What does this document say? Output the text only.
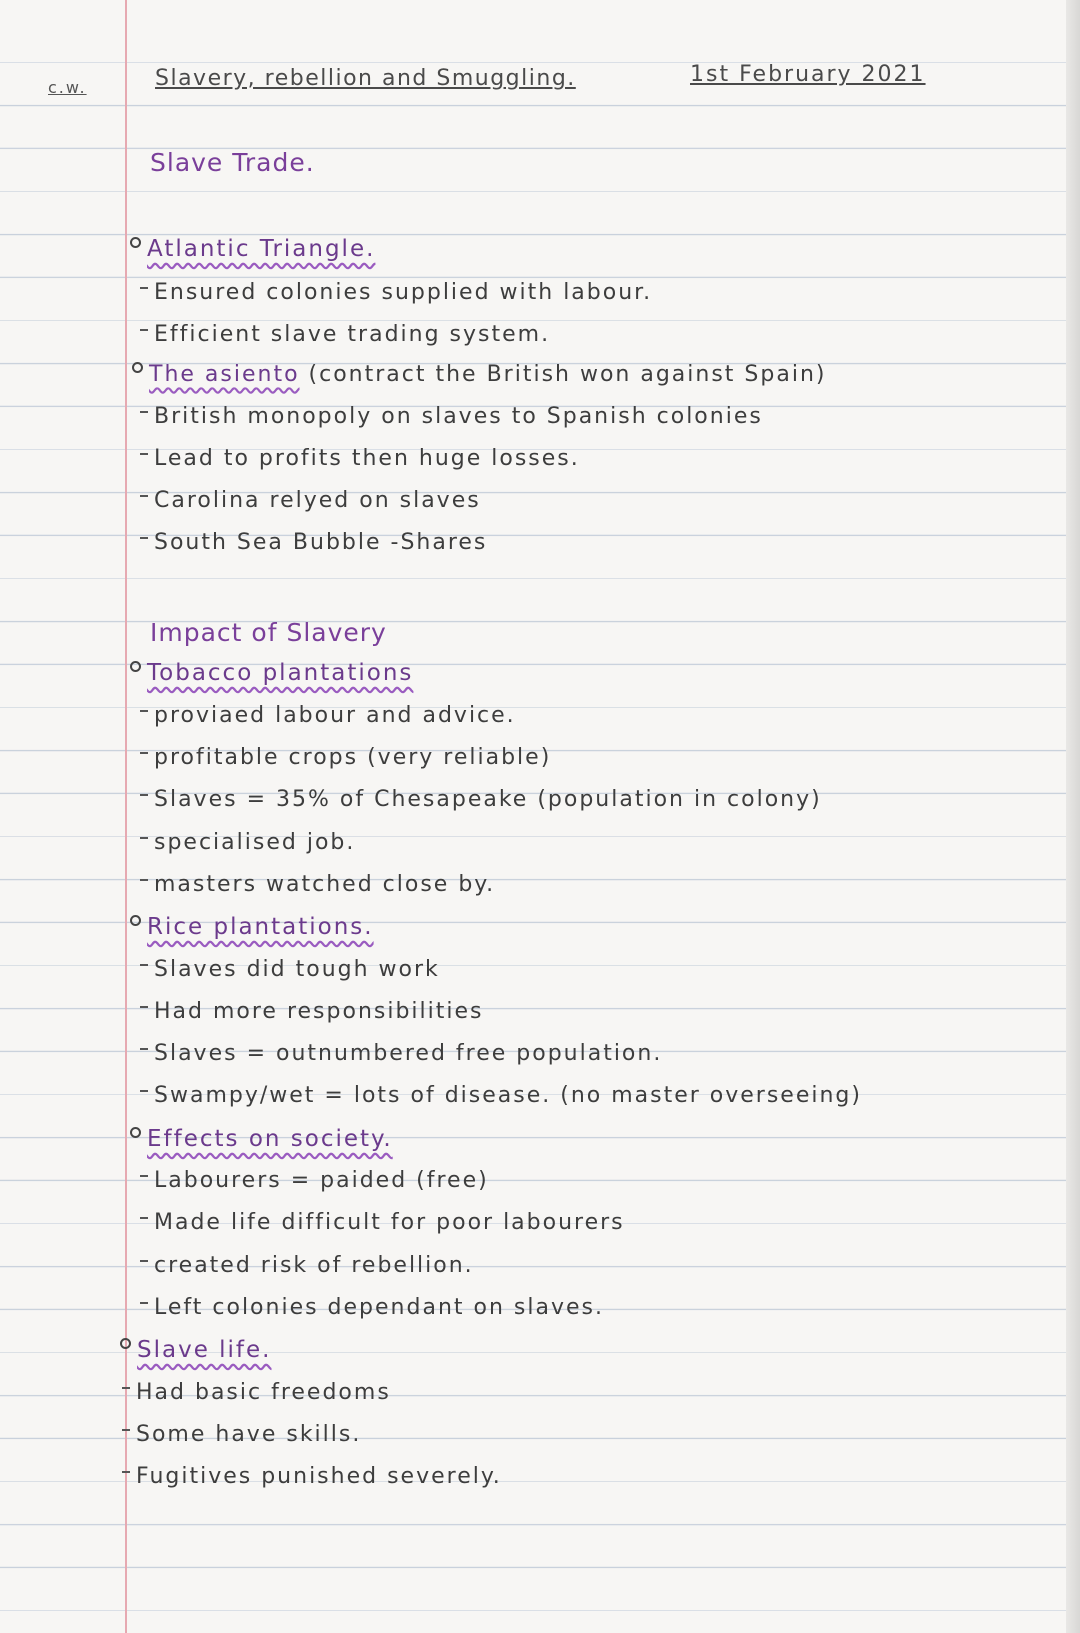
c.w.	Slavery, rebellion and Smuggling.	1st February 2021
Slave Trade.
Atlantic Triangle.
Ensured colonies supplied with labour.
Efficient slave trading system.
The asiento (contract the British won against Spain)
British monopoly on slaves to Spanish colonies
Lead to profits then huge losses.
Carolina relyed on slaves
South Sea Bubble -Shares
Impact of Slavery
Tobacco plantations
proviaed labour and advice.
profitable crops (very reliable)
Slaves = 35% of Chesapeake (population in colony)
specialised job.
masters watched close by.
Rice plantations.
Slaves did tough work
Had more responsibilities
Slaves = outnumbered free population.
Swampy/wet = lots of disease. (no master overseeing)
Effects on society.
Labourers = paided (free)
Made life difficult for poor labourers
created risk of rebellion.
Left colonies dependant on slaves.
Slave life.
Had basic freedoms
Some have skills.
Fugitives punished severely.
